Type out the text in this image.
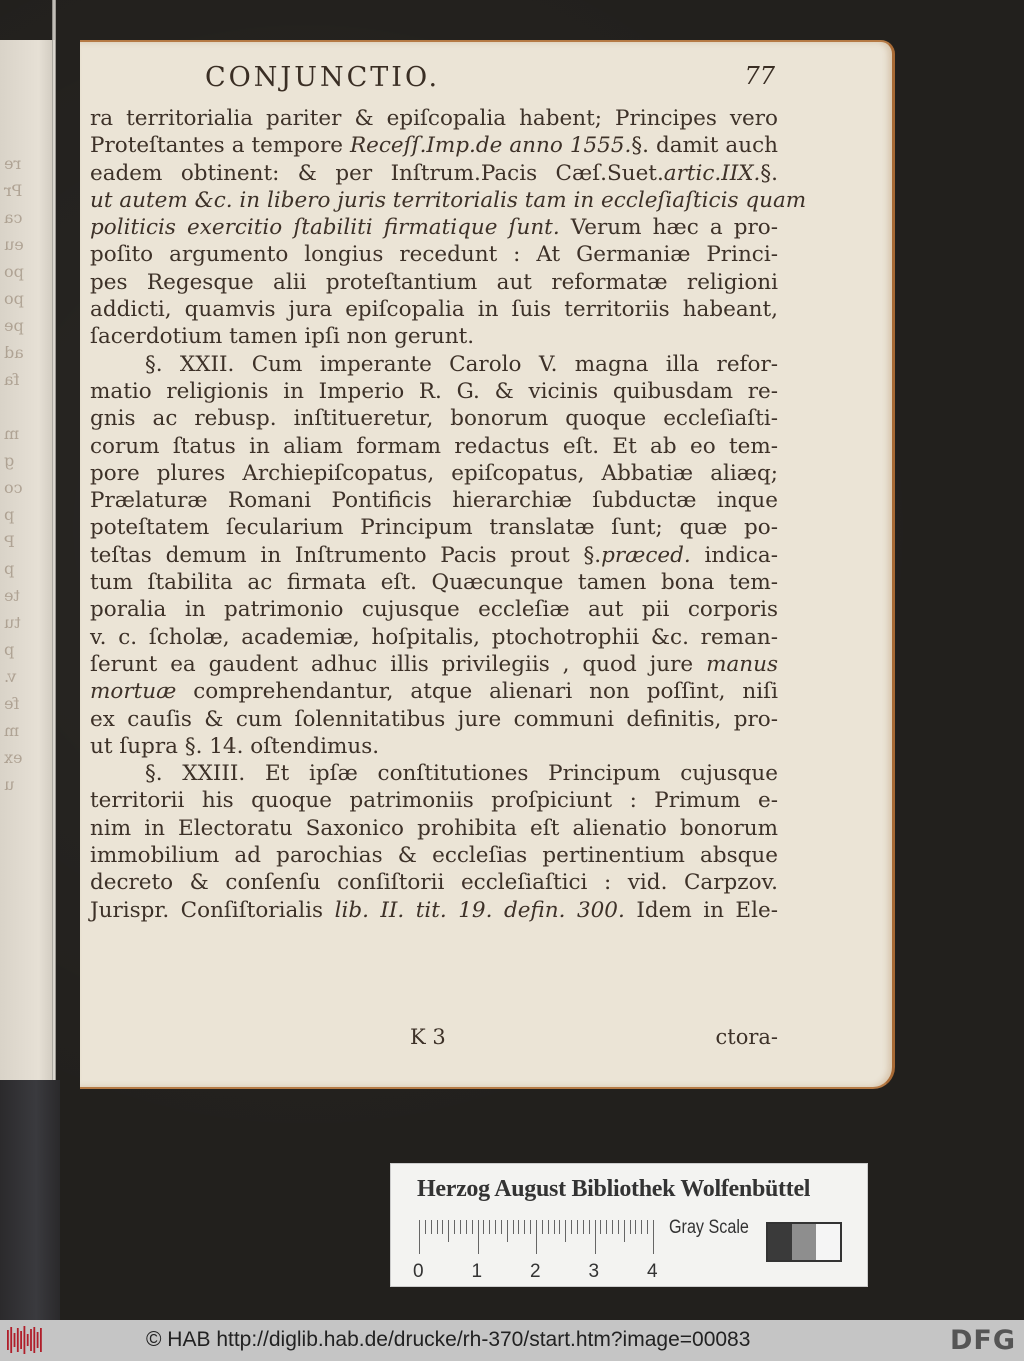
re
Pr
ca
eu
po
po
pe
ad
fa
m
g
co
p
P
p
te
tu
p
v.
fe
m
ex
u
CONJUNCTIO.	77
ra territorialia pariter & epiſcopalia habent; Principes vero
Proteſtantes a tempore Receſſ.Imp.de anno 1555.§. damit auch
eadem obtinent: & per Inſtrum.Pacis Cæſ.Suet.artic.IIX.§.
ut autem &c. in libero juris territorialis tam in eccleſiaſticis quam
politicis exercitio ſtabiliti firmatique ſunt. Verum hæc a pro-
poſito argumento longius recedunt : At Germaniæ Princi-
pes Regesque alii proteſtantium aut reformatæ religioni
addicti, quamvis jura epiſcopalia in ſuis territoriis habeant,
ſacerdotium tamen ipſi non gerunt.
§. XXII. Cum imperante Carolo V. magna illa refor-
matio religionis in Imperio R. G. & vicinis quibusdam re-
gnis ac rebusp. inſtitueretur, bonorum quoque eccleſiaſti-
corum ſtatus in aliam formam redactus eſt. Et ab eo tem-
pore plures Archiepiſcopatus, epiſcopatus, Abbatiæ aliæq;
Prælaturæ Romani Pontificis hierarchiæ ſubductæ inque
poteſtatem ſecularium Principum translatæ ſunt; quæ po-
teſtas demum in Inſtrumento Pacis prout §.præced. indica-
tum ſtabilita ac firmata eſt. Quæcunque tamen bona tem-
poralia in patrimonio cujusque eccleſiæ aut pii corporis
v. c. ſcholæ, academiæ, hoſpitalis, ptochotrophii &c. reman-
ſerunt ea gaudent adhuc illis privilegiis , quod jure manus
mortuæ comprehendantur, atque alienari non poſſint, niſi
ex cauſis & cum ſolennitatibus jure communi definitis, pro-
ut ſupra §. 14. oſtendimus.
§. XXIII. Et ipſæ conſtitutiones Principum cujusque
territorii his quoque patrimoniis proſpiciunt : Primum e-
nim in Electoratu Saxonico prohibita eſt alienatio bonorum
immobilium ad parochias & eccleſias pertinentium absque
decreto & conſenſu conſiſtorii eccleſiaſtici : vid. Carpzov.
Jurispr. Conſiſtorialis lib. II. tit. 19. defin. 300. Idem in Ele-
K 3	ctora-
Herzog August Bibliothek Wolfenbüttel
0	1	2	3	4
Gray Scale
© HAB http://diglib.hab.de/drucke/rh-370/start.htm?image=00083	DFG
